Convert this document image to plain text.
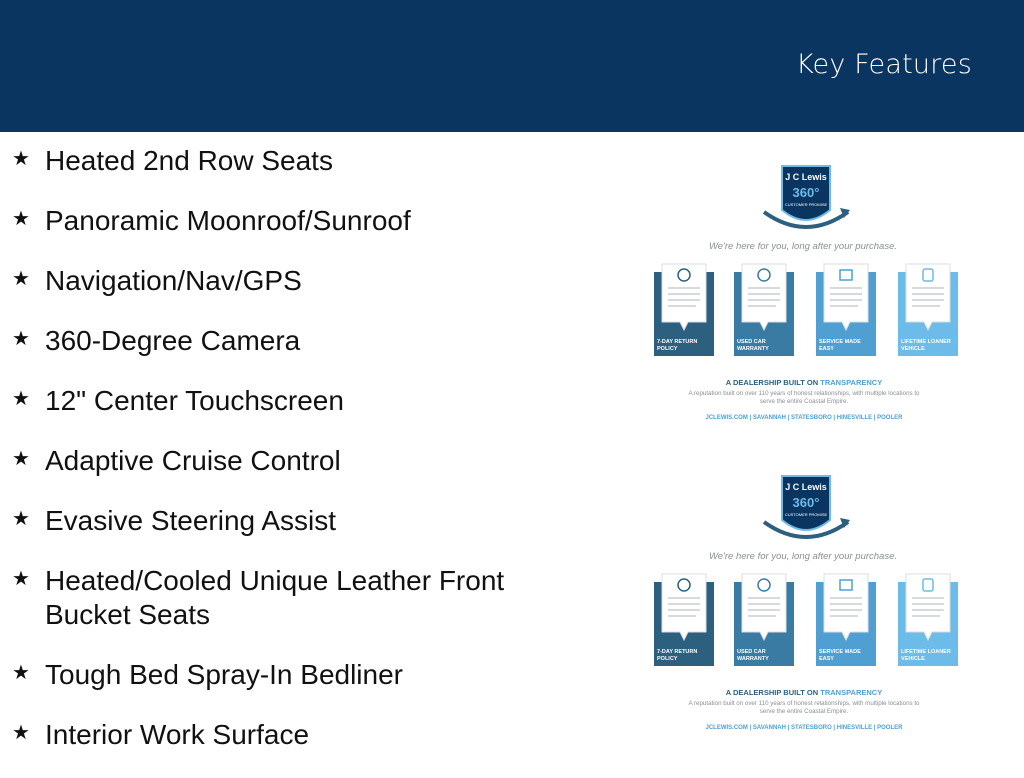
Key Features
★ Heated 2nd Row Seats
★ Panoramic Moonroof/Sunroof
★ Navigation/Nav/GPS
★ 360-Degree Camera
★ 12" Center Touchscreen
★ Adaptive Cruise Control
★ Evasive Steering Assist
★ Heated/Cooled Unique Leather Front Bucket Seats
★ Tough Bed Spray-In Bedliner
★ Interior Work Surface
J C Lewis
360°
CUSTOMER PROMISE
We're here for you, long after your purchase.
7-DAY RETURN
POLICY
USED CAR
WARRANTY
SERVICE MADE
EASY
LIFETIME LOANER
VEHICLE
A DEALERSHIP BUILT ON TRANSPARENCY
A reputation built on over 110 years of honest relationships, with multiple locations to
serve the entire Coastal Empire.
JCLEWIS.COM | SAVANNAH | STATESBORO | HINESVILLE | POOLER
J C Lewis
360°
CUSTOMER PROMISE
We're here for you, long after your purchase.
7-DAY RETURN
POLICY
USED CAR
WARRANTY
SERVICE MADE
EASY
LIFETIME LOANER
VEHICLE
A DEALERSHIP BUILT ON TRANSPARENCY
A reputation built on over 110 years of honest relationships, with multiple locations to
serve the entire Coastal Empire.
JCLEWIS.COM | SAVANNAH | STATESBORO | HINESVILLE | POOLER
